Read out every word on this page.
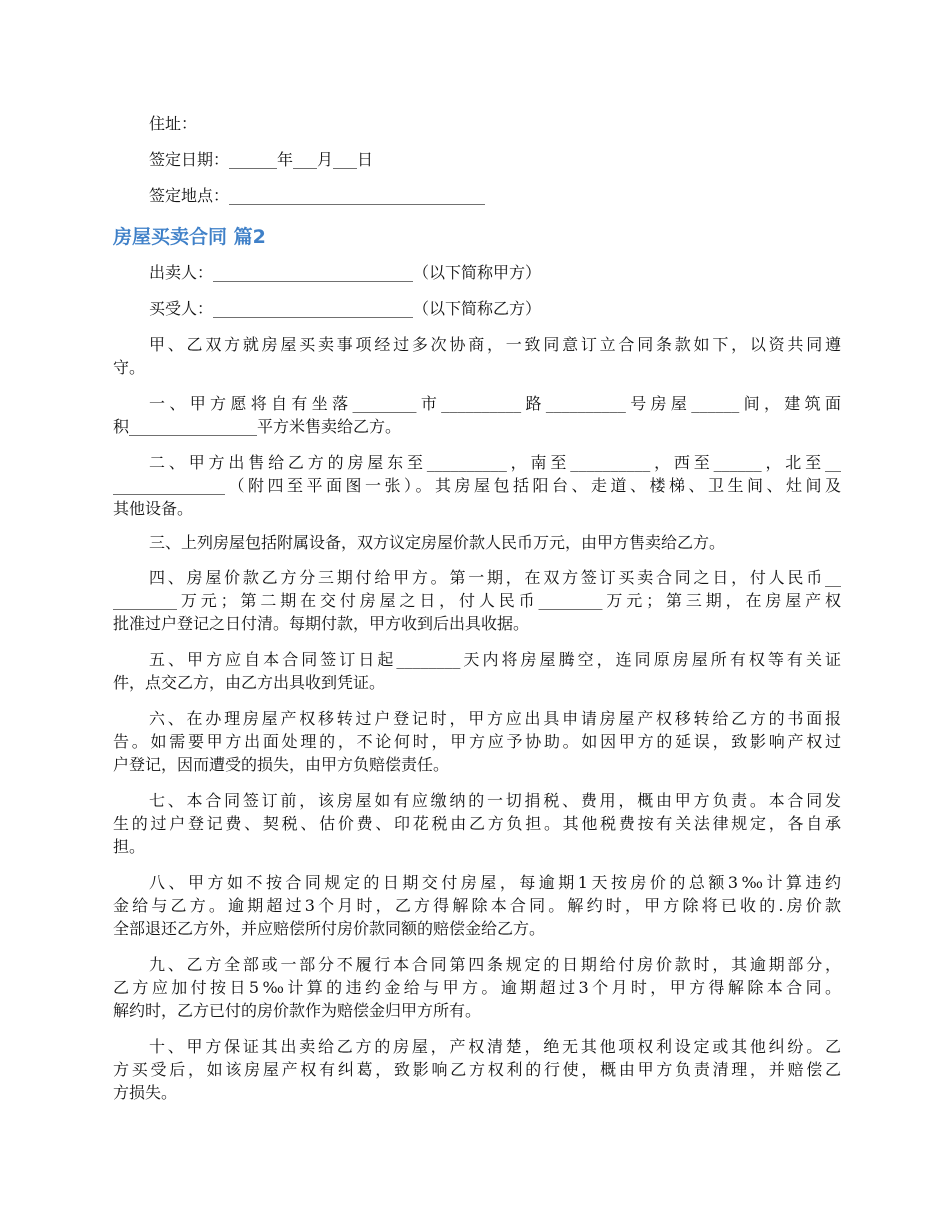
住址：

签定日期：______年___月___日

签定地点：________________________________

房屋买卖合同 篇2

出卖人：_________________________（以下简称甲方）

买受人：_________________________（以下简称乙方）

甲、乙双方就房屋买卖事项经过多次协商，一致同意订立合同条款如下，以资共同遵

守。

一、甲方愿将自有坐落________市__________路__________号房屋______间，建筑面

积________________平方米售卖给乙方。

二、甲方出售给乙方的房屋东至__________，南至__________，西至______，北至__

______________（附四至平面图一张）。其房屋包括阳台、走道、楼梯、卫生间、灶间及

其他设备。

三、上列房屋包括附属设备，双方议定房屋价款人民币万元，由甲方售卖给乙方。

四、房屋价款乙方分三期付给甲方。第一期，在双方签订买卖合同之日，付人民币__

________万元；第二期在交付房屋之日，付人民币________万元；第三期，在房屋产权

批准过户登记之日付清。每期付款，甲方收到后出具收据。

五、甲方应自本合同签订日起________天内将房屋腾空，连同原房屋所有权等有关证

件，点交乙方，由乙方出具收到凭证。

六、在办理房屋产权移转过户登记时，甲方应出具申请房屋产权移转给乙方的书面报

告。如需要甲方出面处理的，不论何时，甲方应予协助。如因甲方的延误，致影响产权过

户登记，因而遭受的损失，由甲方负赔偿责任。

七、本合同签订前，该房屋如有应缴纳的一切捐税、费用，概由甲方负责。本合同发

生的过户登记费、契税、估价费、印花税由乙方负担。其他税费按有关法律规定，各自承

担。

八、甲方如不按合同规定的日期交付房屋，每逾期1天按房价的总额3‰计算违约

金给与乙方。逾期超过3个月时，乙方得解除本合同。解约时，甲方除将已收的.房价款

全部退还乙方外，并应赔偿所付房价款同额的赔偿金给乙方。

九、乙方全部或一部分不履行本合同第四条规定的日期给付房价款时，其逾期部分，

乙方应加付按日5‰计算的违约金给与甲方。逾期超过3个月时，甲方得解除本合同。

解约时，乙方已付的房价款作为赔偿金归甲方所有。

十、甲方保证其出卖给乙方的房屋，产权清楚，绝无其他项权利设定或其他纠纷。乙

方买受后，如该房屋产权有纠葛，致影响乙方权利的行使，概由甲方负责清理，并赔偿乙

方损失。
